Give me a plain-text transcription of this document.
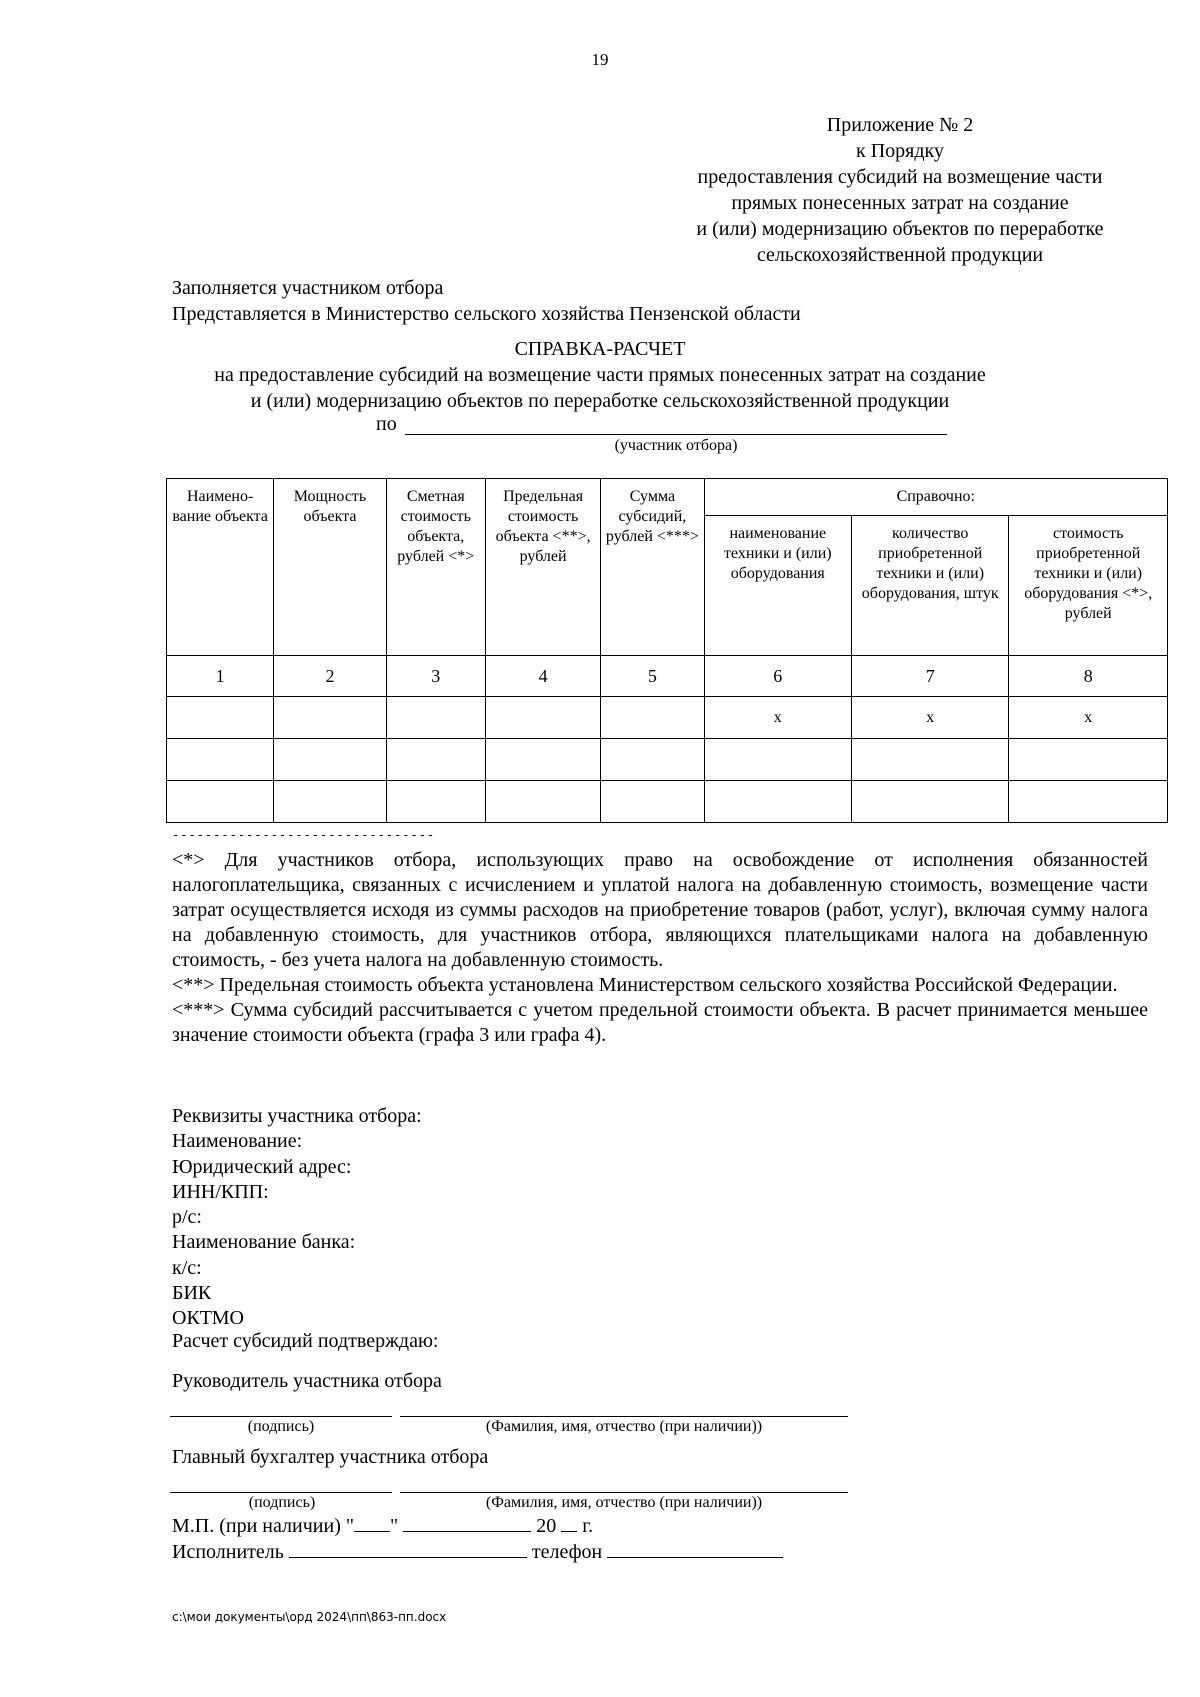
19
Приложение № 2
к Порядку
предоставления субсидий на возмещение части
прямых понесенных затрат на создание
и (или) модернизацию объектов по переработке
сельскохозяйственной продукции
Заполняется участником отбора
Представляется в Министерство сельского хозяйства Пензенской области
СПРАВКА-РАСЧЕТ
на предоставление субсидий на возмещение части прямых понесенных затрат на создание
и (или) модернизацию объектов по переработке сельскохозяйственной продукции
по
(участник отбора)
Наимено-вание объекта	Мощность объекта	Сметная стоимость объекта, рублей <*>	Предельная стоимость объекта <**>, рублей	Сумма субсидий, рублей <***>	Справочно:		
					наименование техники и (или) оборудования	количество приобретенной техники и (или) оборудования, штук	стоимость приобретенной техники и (или) оборудования <*>, рублей
1	2	3	4	5	6	7	8
					х	х	х

--------------------------------

<*> Для участников отбора, использующих право на освобождение от исполнения обязанностей налогоплательщика, связанных с исчислением и уплатой налога на добавленную стоимость, возмещение части затрат осуществляется исходя из суммы расходов на приобретение товаров (работ, услуг), включая сумму налога на добавленную стоимость, для участников отбора, являющихся плательщиками налога на добавленную стоимость, - без учета налога на добавленную стоимость.

<**> Предельная стоимость объекта установлена Министерством сельского хозяйства Российской Федерации.

<***> Сумма субсидий рассчитывается с учетом предельной стоимости объекта. В расчет принимается меньшее значение стоимости объекта (графа 3 или графа 4).

Реквизиты участника отбора:
Наименование:
Юридический адрес:
ИНН/КПП:
р/с:
Наименование банка:
к/с:
БИК
ОКТМО
Расчет субсидий подтверждаю:
Руководитель участника отбора
(подпись)	(Фамилия, имя, отчество (при наличии))
Главный бухгалтер участника отбора
(подпись)	(Фамилия, имя, отчество (при наличии))
М.П. (при наличии) " "	20 г.
Исполнитель	телефон
c:\мои документы\орд 2024\пп\863-пп.docx
